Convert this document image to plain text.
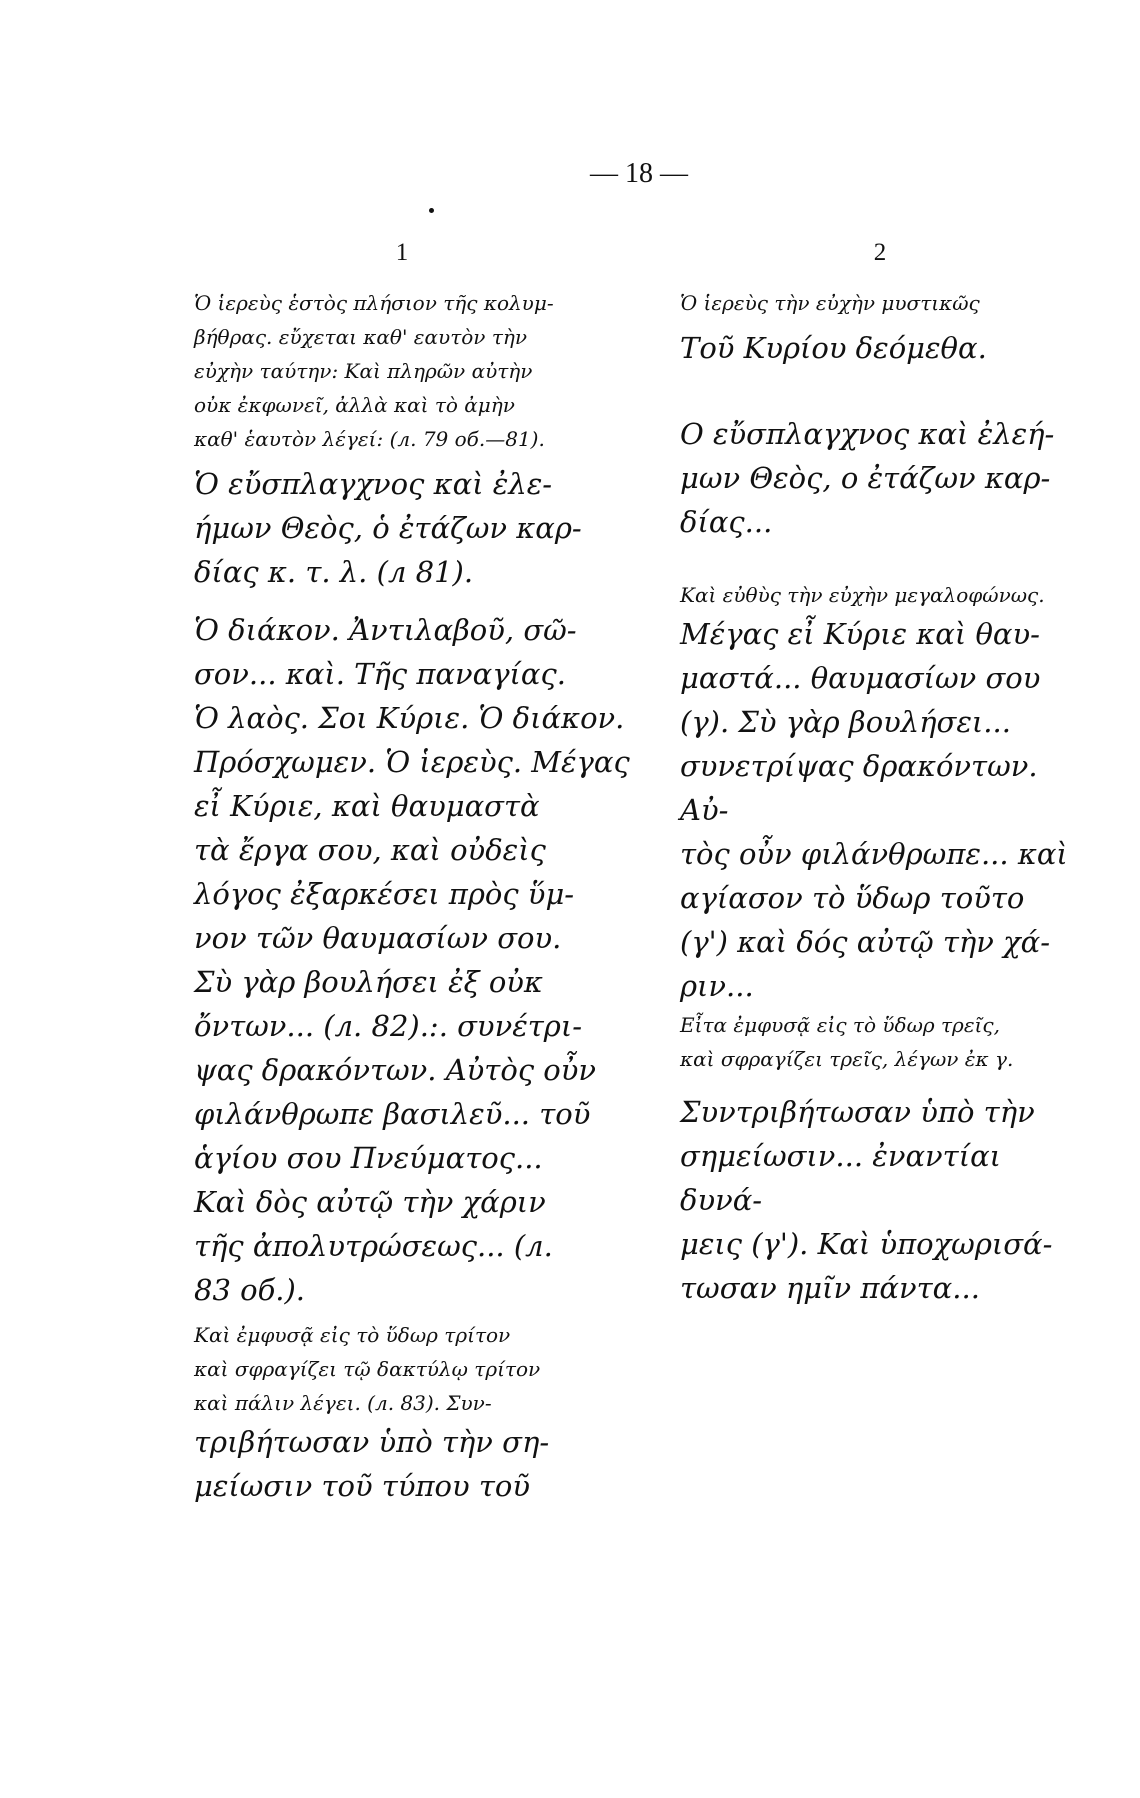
— 18 —
1
Ὁ ἱερεὺς ἑστὸς πλήσιον τῆς κολυμ-
βήθρας. εὔχεται καθ' εαυτὸν τὴν
εὐχὴν ταύτην: Καὶ πληρῶν αὐτὴν
οὐκ ἐκφωνεῖ, ἀλλὰ καὶ τὸ ἀμὴν
καθ' ἑαυτὸν λέγεί: (л. 79 об.—81).
Ὁ εὔσπλαγχνος καὶ ἐλε-
ήμων Θεὸς, ὁ ἐτάζων καρ-
δίας κ. τ. λ. (л 81).
Ὁ διάκον. Ἀντιλαβοῦ, σῶ-
σον... καὶ. Τῆς παναγίας.
Ὁ λαὸς. Σοι Κύριε. Ὁ διάκον.
Πρόσχωμεν. Ὁ ἱερεὺς. Μέγας
εἶ Κύριε, καὶ θαυμαστὰ
τὰ ἔργα σου, καὶ οὐδεὶς
λόγος ἐξαρκέσει πρὸς ὕμ-
νον τῶν θαυμασίων σου.
Σὺ γὰρ βουλήσει ἐξ οὐκ
ὄντων... (л. 82).:. συνέτρι-
ψας δρακόντων. Αὐτὸς οὖν
φιλάνθρωπε βασιλεῦ... τοῦ
ἁγίου σου Πνεύματος...
Καὶ δὸς αὐτῷ τὴν χάριν
τῆς ἀπολυτρώσεως... (л.
83 об.).
Καὶ ἐμφυσᾷ εἰς τὸ ὕδωρ τρίτον
καὶ σφραγίζει τῷ δακτύλῳ τρίτον
καὶ πάλιν λέγει. (л. 83). Συν-
τριβήτωσαν ὑπὸ τὴν ση-
μείωσιν τοῦ τύπου τοῦ
2
Ὁ ἱερεὺς τὴν εὐχὴν μυστικῶς
Τοῦ Κυρίου δεόμεθα.
Ο εὔσπλαγχνος καὶ ἐλεή-
μων Θεὸς, ο ἐτάζων καρ-
δίας...
Καὶ εὐθὺς τὴν εὐχὴν μεγαλοφώνως.
Μέγας εἶ Κύριε καὶ θαυ-
μαστά... θαυμασίων σου
(γ). Σὺ γὰρ βουλήσει...
συνετρίψας δρακόντων. Αὐ-
τὸς οὖν φιλάνθρωπε... καὶ
αγίασον τὸ ὕδωρ τοῦτο
(γ') καὶ δός αὐτῷ τὴν χά-
ριν...
Εἶτα ἐμφυσᾷ εἰς τὸ ὕδωρ τρεῖς,
καὶ σφραγίζει τρεῖς, λέγων ἐκ γ.
Συντριβήτωσαν ὑπὸ τὴν
σημείωσιν... ἐναντίαι δυνά-
μεις (γ'). Καὶ ὑποχωρισά-
τωσαν ημῖν πάντα...
